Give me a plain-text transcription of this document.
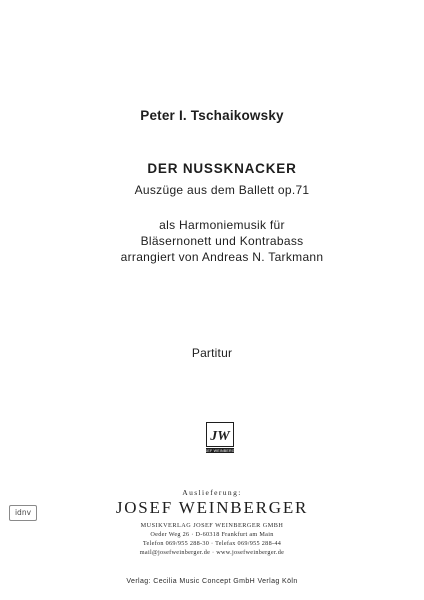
Peter I. Tschaikowsky
DER NUSSKNACKER
Auszüge aus dem Ballett op.71
als Harmoniemusik für
Bläsernonett und Kontrabass
arrangiert von Andreas N. Tarkmann
Partitur
JW
JOSEF WEINBERGER
idnv
Auslieferung:
JOSEF WEINBERGER
MUSIKVERLAG JOSEF WEINBERGER GMBH
Oeder Weg 26 · D-60318 Frankfurt am Main
Telefon 069/955 288-30 · Telefax 069/955 288-44
mail@josefweinberger.de · www.josefweinberger.de
Verlag: Cecilia Music Concept GmbH Verlag Köln
